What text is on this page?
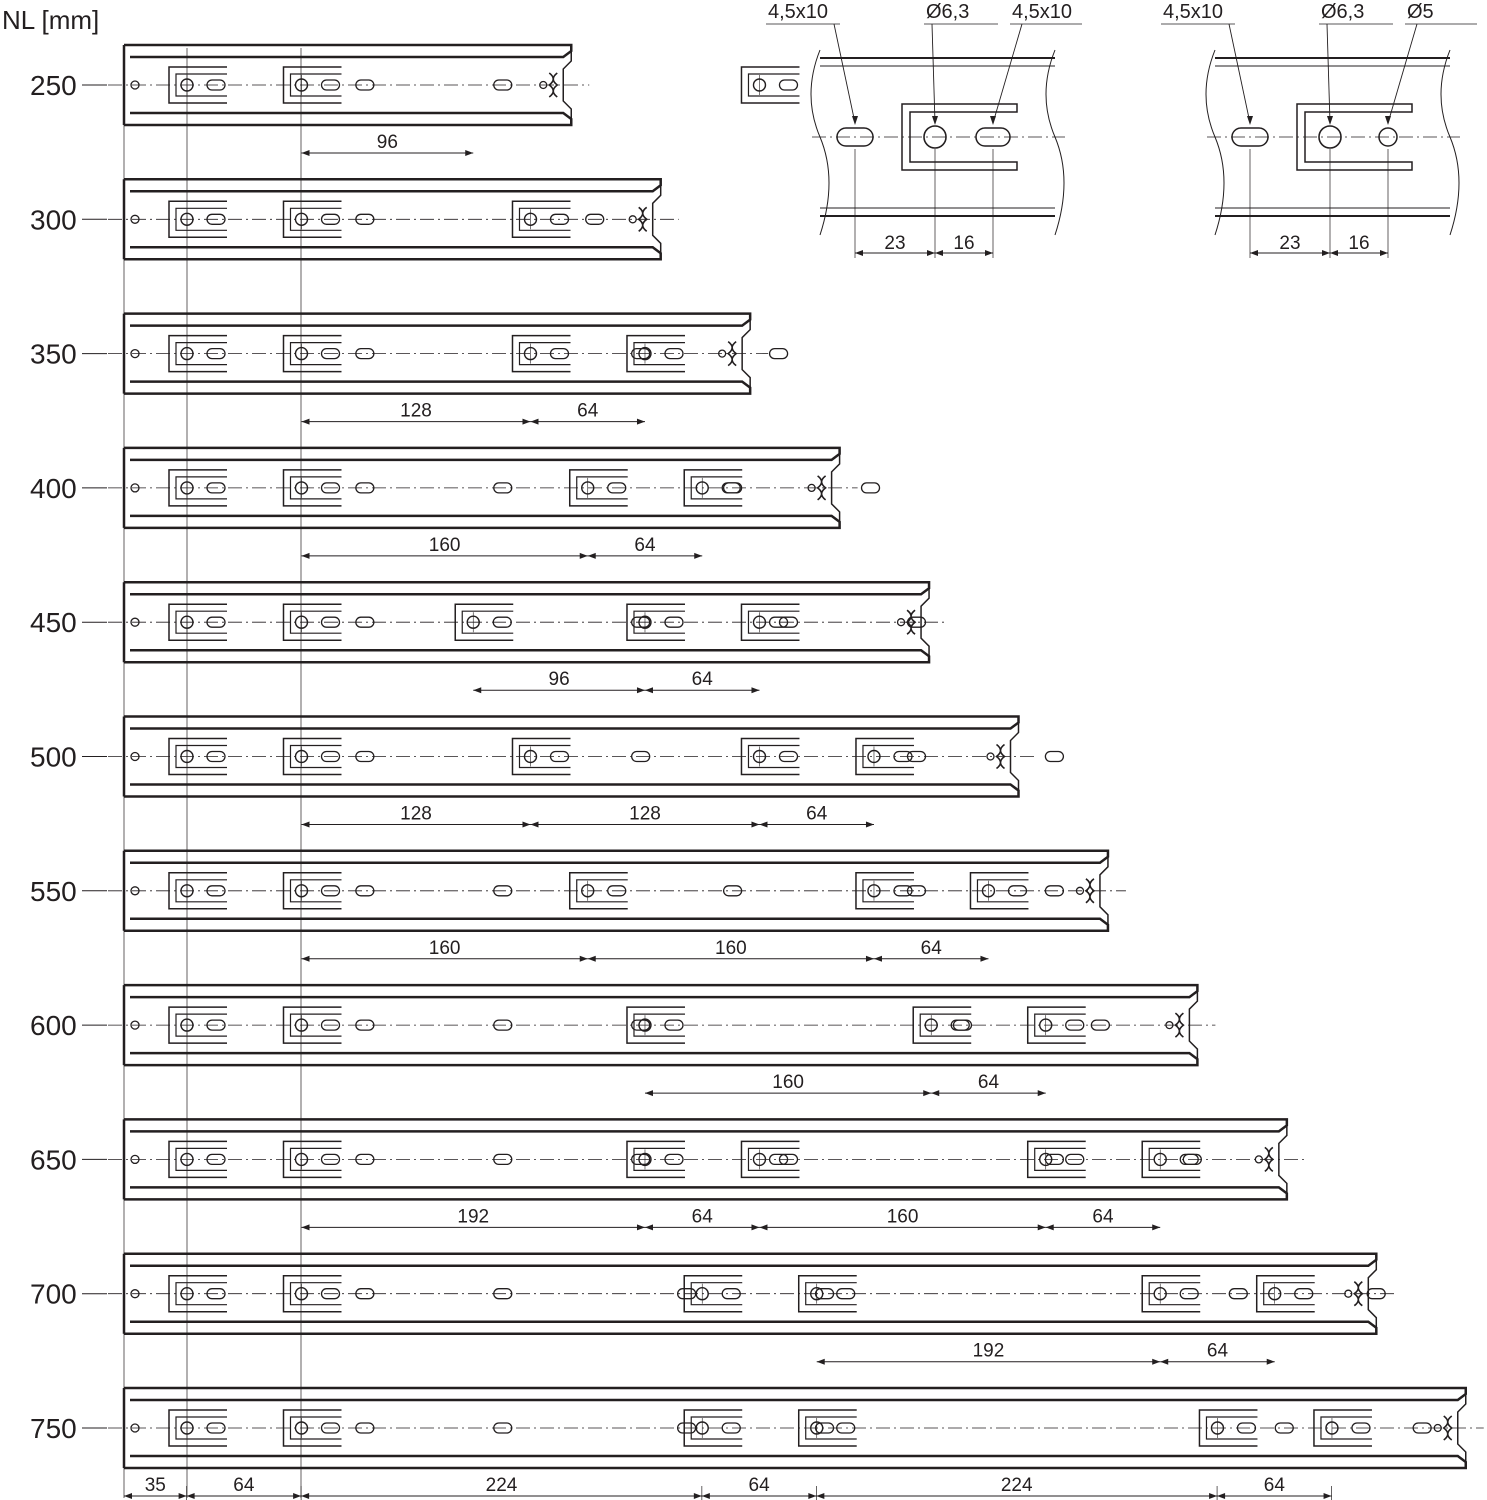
NL [mm]
250
96
300
350
128	64
400
160	64
450
96	64
500
128	128	64
550
160	160	64
600
160	64
650
192	64	160	64
700
192	64
750
35	64	224	64	224	64
4,5x10	Ø6,3 4,5x10
23	16
4,5x10	Ø6,3 Ø5
23	16
